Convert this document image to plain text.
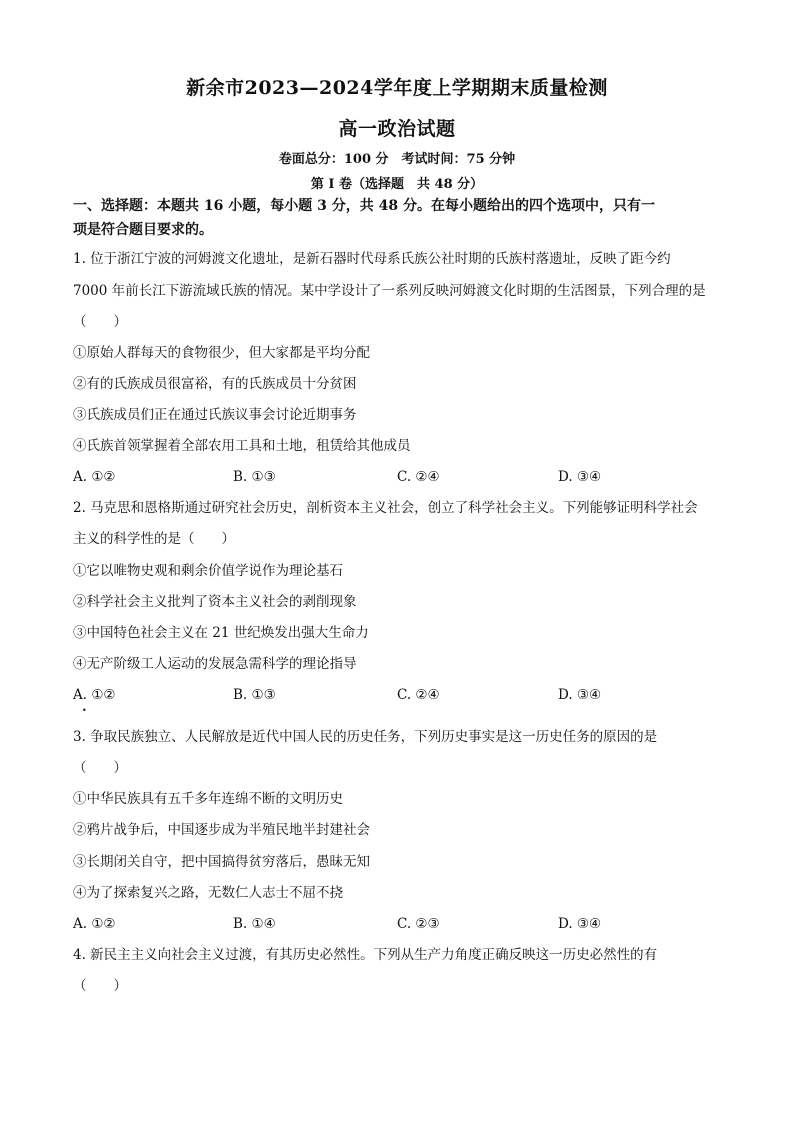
新余市2023—2024学年度上学期期末质量检测
高一政治试题
卷面总分：100 分　考试时间：75 分钟
第 I 卷（选择题　共 48 分）
一、选择题：本题共 16 小题，每小题 3 分，共 48 分。在每小题给出的四个选项中，只有一
项是符合题目要求的。
1. 位于浙江宁波的河姆渡文化遗址，是新石器时代母系氏族公社时期的氏族村落遗址，反映了距今约
7000 年前长江下游流域氏族的情况。某中学设计了一系列反映河姆渡文化时期的生活图景，下列合理的是
（　　）
①原始人群每天的食物很少，但大家都是平均分配
②有的氏族成员很富裕，有的氏族成员十分贫困
③氏族成员们正在通过氏族议事会讨论近期事务
④氏族首领掌握着全部农用工具和土地，租赁给其他成员
A. ①②	B. ①③	C. ②④	D. ③④
2. 马克思和恩格斯通过研究社会历史，剖析资本主义社会，创立了科学社会主义。下列能够证明科学社会
主义的科学性的是（　　）
①它以唯物史观和剩余价值学说作为理论基石
②科学社会主义批判了资本主义社会的剥削现象
③中国特色社会主义在 21 世纪焕发出强大生命力
④无产阶级工人运动的发展急需科学的理论指导
A. ①②	B. ①③	C. ②④	D. ③④
•
3. 争取民族独立、人民解放是近代中国人民的历史任务，下列历史事实是这一历史任务的原因的是
（　　）
①中华民族具有五千多年连绵不断的文明历史
②鸦片战争后，中国逐步成为半殖民地半封建社会
③长期闭关自守，把中国搞得贫穷落后，愚昧无知
④为了探索复兴之路，无数仁人志士不屈不挠
A. ①②	B. ①④	C. ②③	D. ③④
4. 新民主主义向社会主义过渡，有其历史必然性。下列从生产力角度正确反映这一历史必然性的有
（　　）
